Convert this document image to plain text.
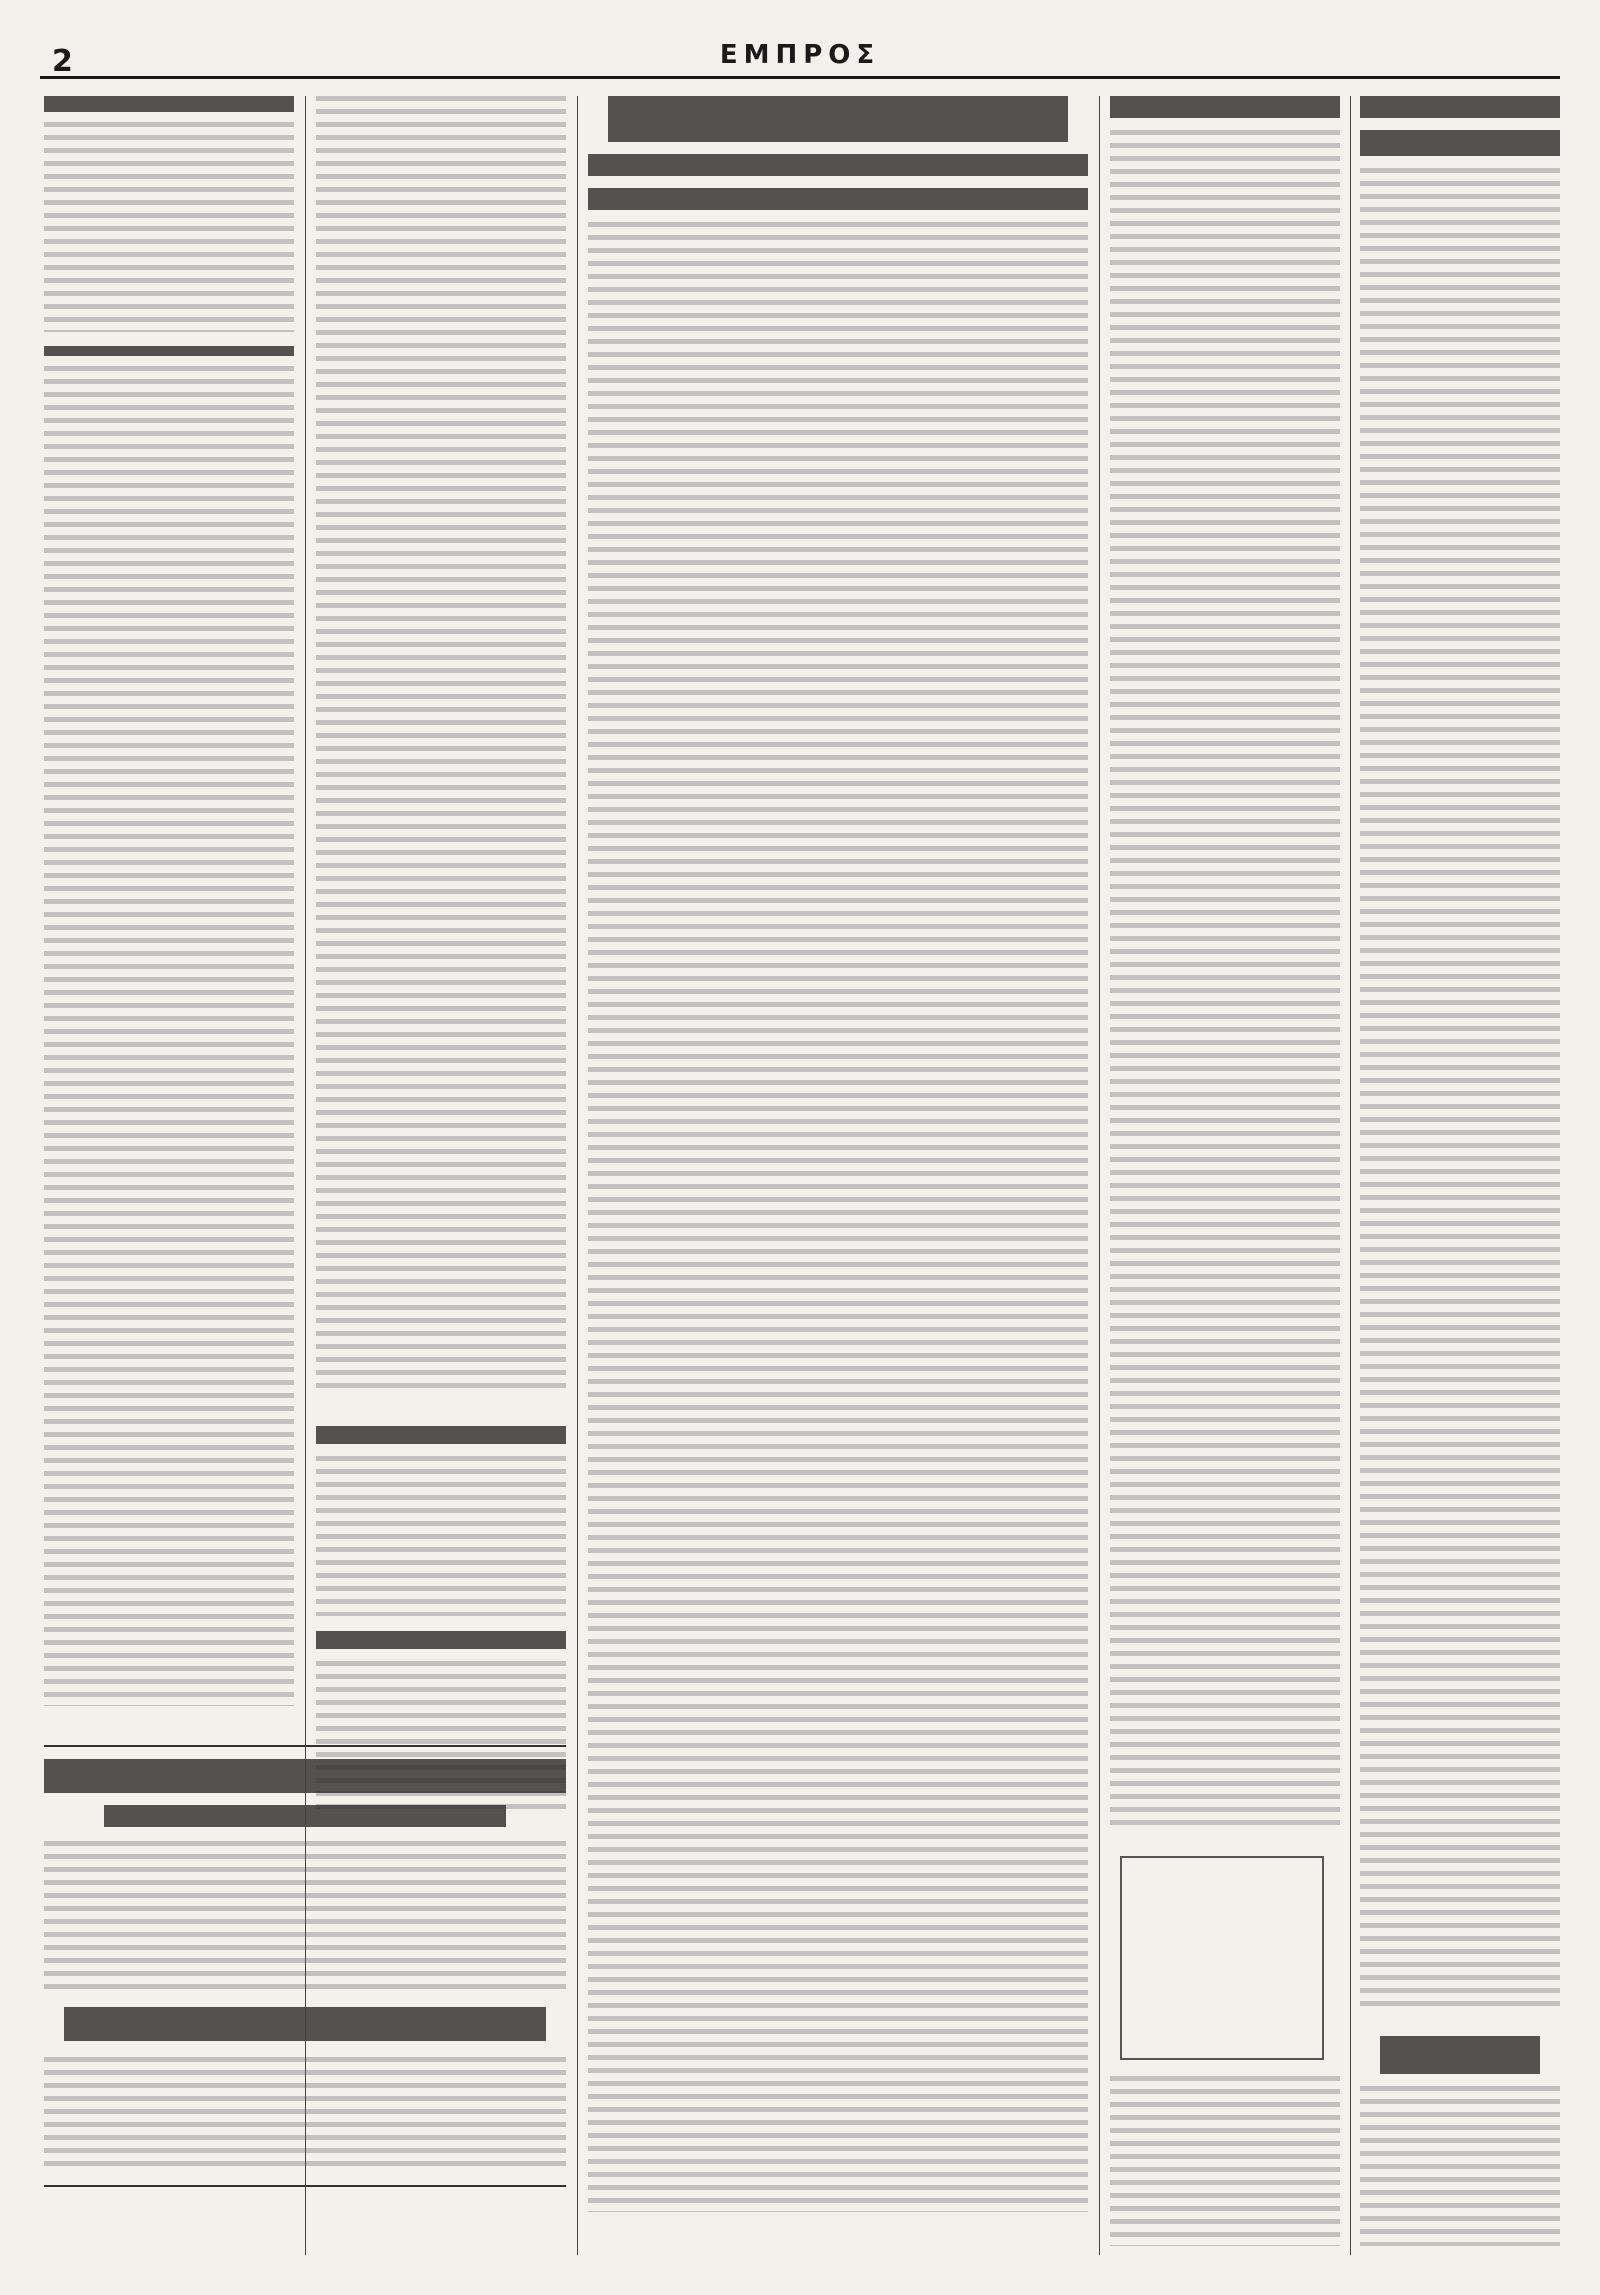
2	ΕΜΠΡΟΣ
